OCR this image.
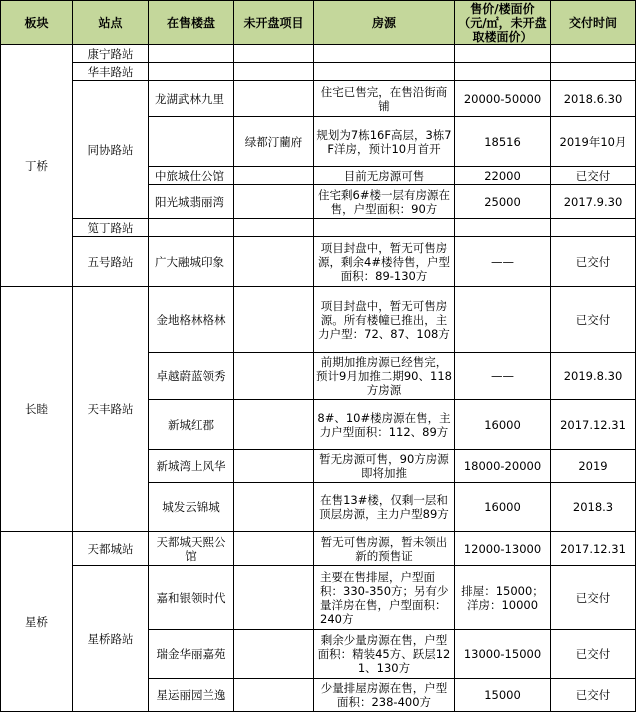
板块	站点	在售楼盘	未开盘项目	房源	售价/楼面价（元/㎡，未开盘取楼面价）	交付时间
丁桥	康宁路站					
	华丰路站					
	同协路站	龙湖武林九里		住宅已售完，在售沿街商铺	20000-50000	2018.6.30
			绿都汀藺府	规划为7栋16F高层，3栋7F洋房，预计10月首开	18516	2019年10月
		中旅城仕公馆		目前无房源可售	22000	已交付
		阳光城翡丽湾		住宅剩6#楼一层有房源在售，户型面积：90方	25000	2017.9.30
	笕丁路站					
	五号路站	广大融城印象		项目封盘中，暂无可售房源，剩余4#楼待售，户型面积：89-130方	——	已交付
长睦	天丰路站	金地格林格林		项目封盘中，暂无可售房源。所有楼幢已推出，主力户型：72、87、108方		已交付
		卓越蔚蓝领秀		前期加推房源已经售完，预计9月加推二期90、118方房源	——	2019.8.30
		新城红郡		8#、10#楼房源在售，主力户型面积：112、89方	16000	2017.12.31
		新城湾上风华		暂无房源可售，90方房源即将加推	18000-20000	2019
		城发云锦城		在售13#楼，仅剩一层和顶层房源，主力户型89方	16000	2018.3
星桥	天都城站	天都城天熙公馆		暂无可售房源，暂未领出新的预售证	12000-13000	2017.12.31
	星桥路站	嘉和银领时代		主要在售排屋，户型面积：330-350方；另有少量洋房在售，户型面积：240方	排屋：15000；洋房：10000	已交付
		瑞金华丽嘉苑		剩余少量房源在售，户型面积：精装45方、跃层121、130方	13000-15000	已交付
		星运丽园兰逸		少量排屋房源在售，户型面积：238-400方	15000	已交付
